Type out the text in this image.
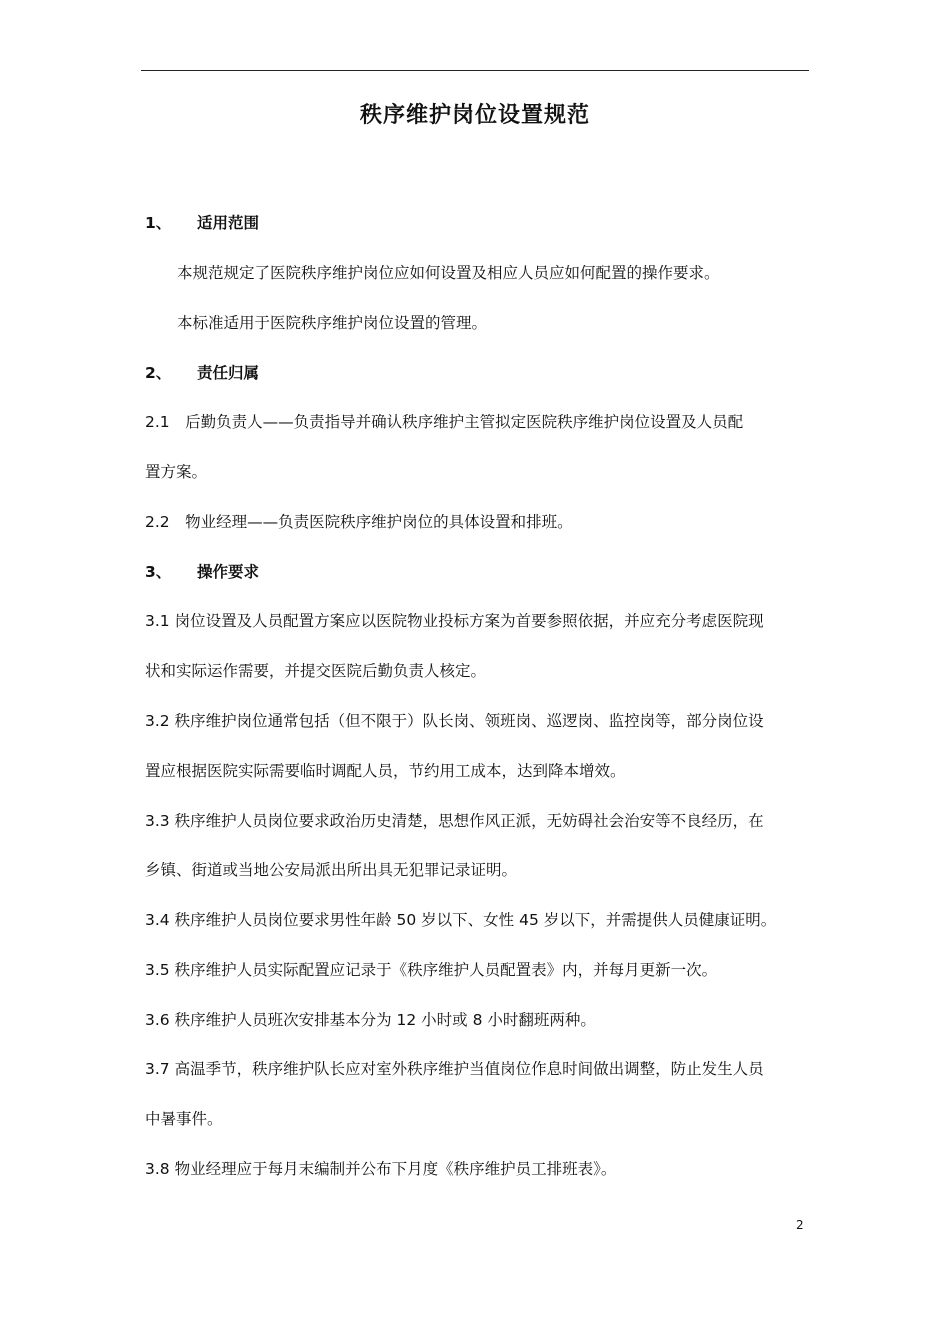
秩序维护岗位设置规范
1、 适用范围
本规范规定了医院秩序维护岗位应如何设置及相应人员应如何配置的操作要求。
本标准适用于医院秩序维护岗位设置的管理。
2、 责任归属
2.1　后勤负责人——负责指导并确认秩序维护主管拟定医院秩序维护岗位设置及人员配
置方案。
2.2　物业经理——负责医院秩序维护岗位的具体设置和排班。
3、 操作要求
3.1 岗位设置及人员配置方案应以医院物业投标方案为首要参照依据，并应充分考虑医院现
状和实际运作需要，并提交医院后勤负责人核定。
3.2 秩序维护岗位通常包括（但不限于）队长岗、领班岗、巡逻岗、监控岗等，部分岗位设
置应根据医院实际需要临时调配人员，节约用工成本，达到降本增效。
3.3 秩序维护人员岗位要求政治历史清楚，思想作风正派，无妨碍社会治安等不良经历，在
乡镇、街道或当地公安局派出所出具无犯罪记录证明。
3.4 秩序维护人员岗位要求男性年龄 50 岁以下、女性 45 岁以下，并需提供人员健康证明。
3.5 秩序维护人员实际配置应记录于《秩序维护人员配置表》内，并每月更新一次。
3.6 秩序维护人员班次安排基本分为 12 小时或 8 小时翻班两种。
3.7 高温季节，秩序维护队长应对室外秩序维护当值岗位作息时间做出调整，防止发生人员
中暑事件。
3.8 物业经理应于每月末编制并公布下月度《秩序维护员工排班表》。
2
